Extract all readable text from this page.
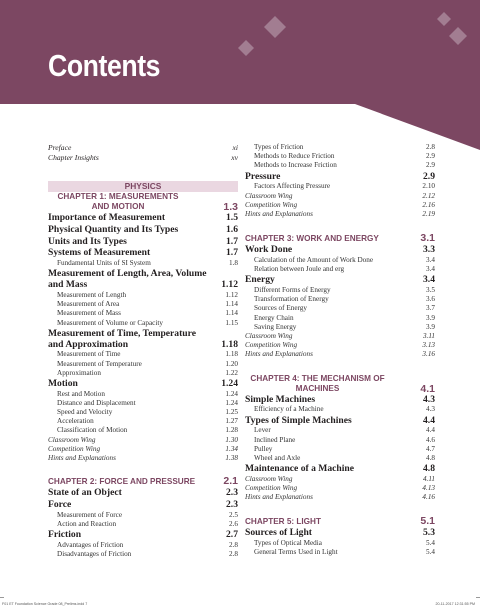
Contents
PHYSICS
Preface	xi
Chapter Insights	xv
CHAPTER 1: MEASUREMENTS AND MOTION	1.3
Importance of Measurement	1.5
Physical Quantity and Its Types	1.6
Units and Its Types	1.7
Systems of Measurement	1.7
Fundamental Units of SI System	1.8
Measurement of Length, Area, Volume and Mass	1.12
Measurement of Length	1.12
Measurement of Area	1.14
Measurement of Mass	1.14
Measurement of Volume or Capacity	1.15
Measurement of Time, Temperature and Approximation	1.18
Measurement of Time	1.18
Measurement of Temperature	1.20
Approximation	1.22
Motion	1.24
Rest and Motion	1.24
Distance and Displacement	1.24
Speed and Velocity	1.25
Acceleration	1.27
Classification of Motion	1.28
Classroom Wing	1.30
Competition Wing	1.34
Hints and Explanations	1.38
CHAPTER 2: FORCE AND PRESSURE	2.1
State of an Object	2.3
Force	2.3
Measurement of Force	2.5
Action and Reaction	2.6
Friction	2.7
Advantages of Friction	2.8
Disadvantages of Friction	2.8
Types of Friction	2.8
Methods to Reduce Friction	2.9
Methods to Increase Friction	2.9
Pressure	2.9
Factors Affecting Pressure	2.10
Classroom Wing	2.12
Competition Wing	2.16
Hints and Explanations	2.19
CHAPTER 3: WORK AND ENERGY	3.1
Work Done	3.3
Calculation of the Amount of Work Done	3.4
Relation between Joule and erg	3.4
Energy	3.4
Different Forms of Energy	3.5
Transformation of Energy	3.6
Sources of Energy	3.7
Energy Chain	3.9
Saving Energy	3.9
Classroom Wing	3.11
Competition Wing	3.13
Hints and Explanations	3.16
CHAPTER 4: THE MECHANISM OF MACHINES	4.1
Simple Machines	4.3
Efficiency of a Machine	4.3
Types of Simple Machines	4.4
Lever	4.4
Inclined Plane	4.6
Pulley	4.7
Wheel and Axle	4.8
Maintenance of a Machine	4.8
Classroom Wing	4.11
Competition Wing	4.13
Hints and Explanations	4.16
CHAPTER 5: LIGHT	5.1
Sources of Light	5.3
Types of Optical Media	5.4
General Terms Used in Light	5.4
F01 ET Foundation Science Grade 08_Prelims.indd 7	20-11-2017 12:31:55 PM
